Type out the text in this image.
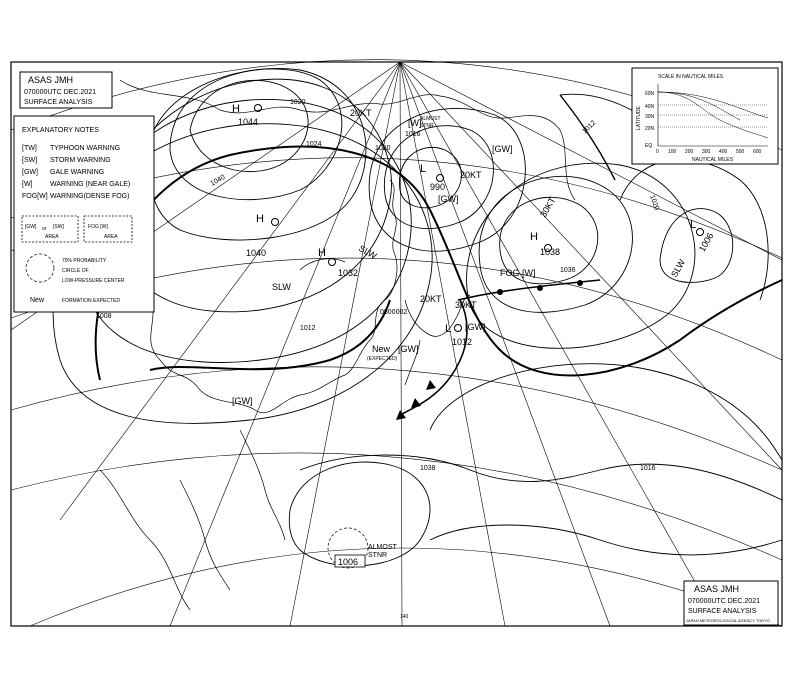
H
1044
H
1040
L
990
H
1038
L
1012
H
1032
L
1006
1020
1040
1024
1020
1016
1012
1008
1036
1020
1012
1038	1016
[GW]
[GW]
[GW]
[GW]
[GW]
FOG [W]
[W]
SLW
SLW
SLW
20KT
30KT
20KT
30KT
20KT
0800002
New
(EXPECTED)
ALMOST
STNR
ALMOST
STNR
1006
140
ASAS JMH
070000UTC DEC.2021
SURFACE ANALYSIS
EXPLANATORY NOTES
[TW] TYPHOON WARNING
[SW] STORM WARNING
[GW] GALE WARNING
[W]	WARNING (NEAR GALE)
FOG[W] WARNING(DENSE FOG)
[GW] or [SW]
AREA
FOG [W]
AREA
70% PROBABILITY
CIRCLE OF
LOW-PRESSURE CENTER
New	FORMATION EXPECTED
SCALE IN NAUTICAL MILES
LATITUDE
60N
40N
30N
20N
EQ
0 100 200 300 400 500 600
NAUTICAL MILES
ASAS JMH
070000UTC DEC.2021
SURFACE ANALYSIS
JAPAN METEOROLOGICAL AGENCY TOKYO
